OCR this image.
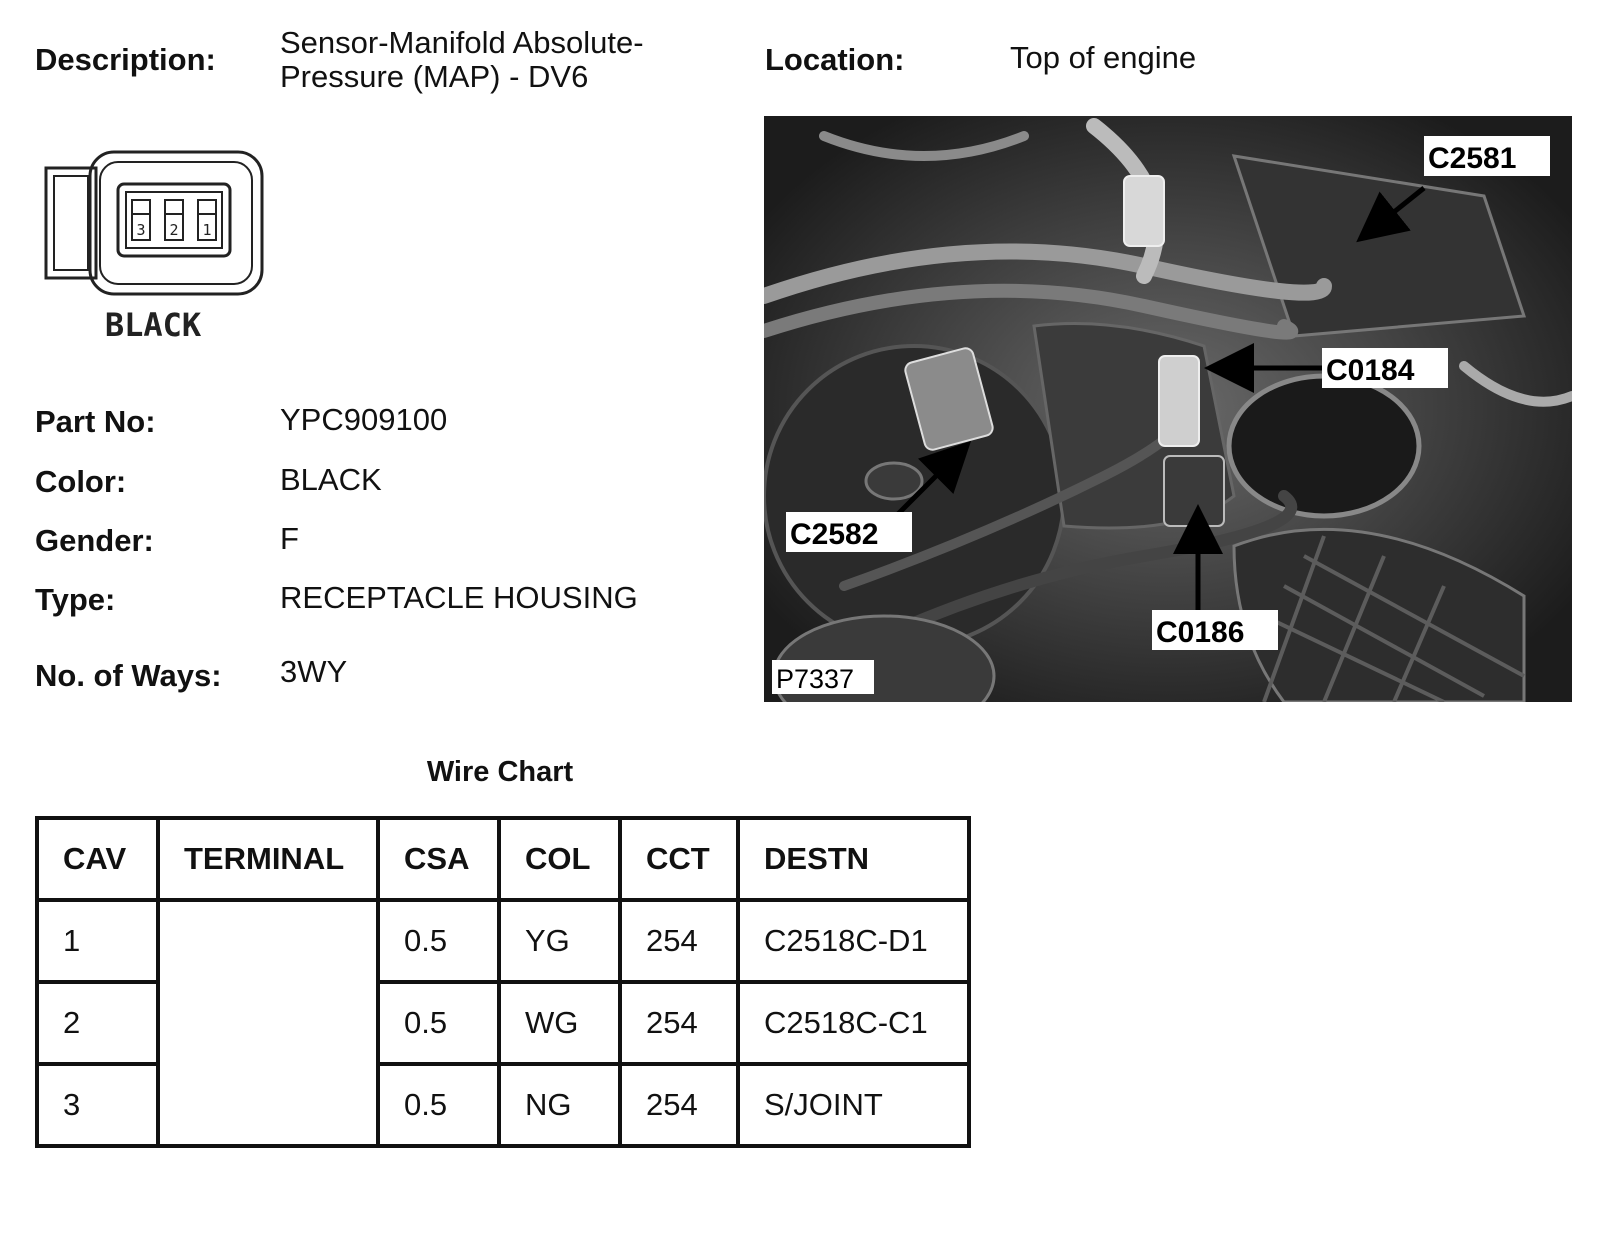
Description: Sensor-Manifold Absolute-
Pressure (MAP) - DV6	Location:	Top of engine
3 2 1
BLACK
Part No:	YPC909100
Color:	BLACK
Gender:	F
Type:	RECEPTACLE HOUSING
No. of Ways: 3WY
C2581
C0184
C2582
C0186
P7337
Wire Chart
CAV	TERMINAL	CSA	COL	CCT	DESTN
1		0.5	YG	254	C2518C-D1
2		0.5	WG	254	C2518C-C1
3		0.5	NG	254	S/JOINT
